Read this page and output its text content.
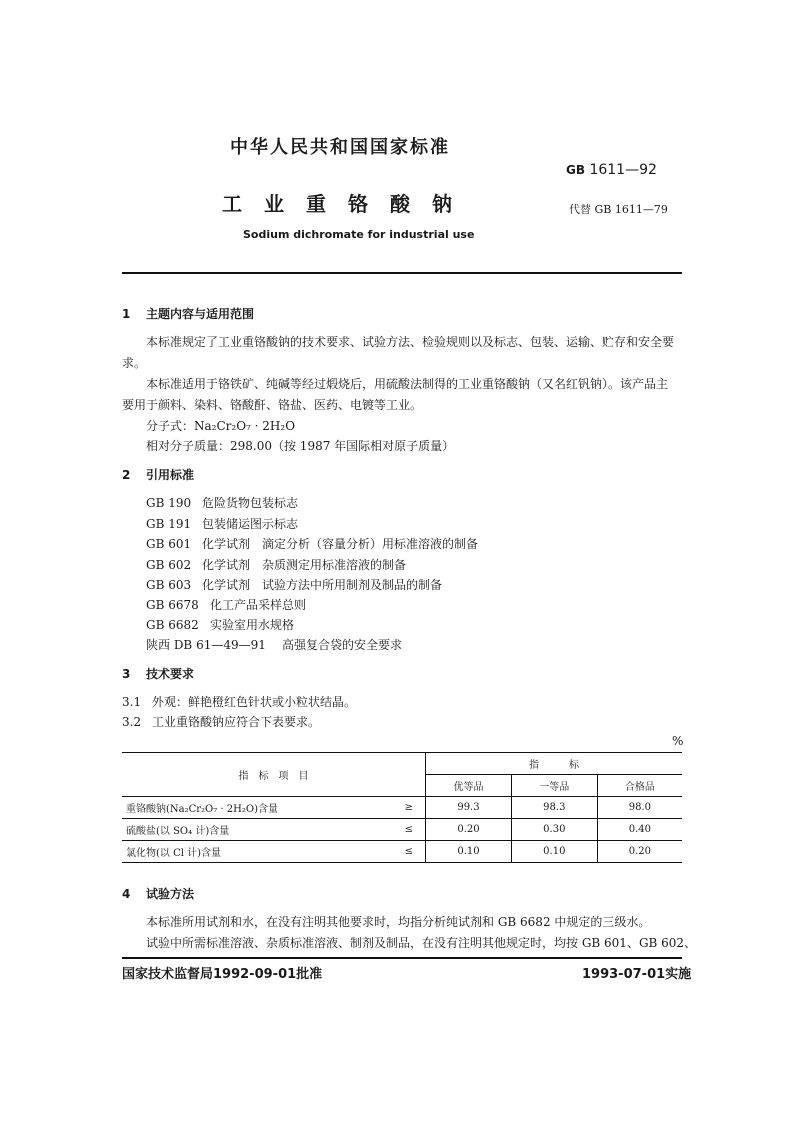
中华人民共和国国家标准
GB 1611—92
工业重铬酸钠	代替 GB 1611—79
Sodium dichromate for industrial use
1 主题内容与适用范围
本标准规定了工业重铬酸钠的技术要求、试验方法、检验规则以及标志、包装、运输、贮存和安全要
求。
本标准适用于铬铁矿、纯碱等经过煅烧后，用硫酸法制得的工业重铬酸钠（又名红钒钠）。该产品主
要用于颜料、染料、铬酸酐、铬盐、医药、电镀等工业。
分子式：Na₂Cr₂O₇ · 2H₂O
相对分子质量：298.00（按 1987 年国际相对原子质量）
2 引用标准
GB 190 危险货物包装标志
GB 191 包装储运图示标志
GB 601 化学试剂　滴定分析（容量分析）用标准溶液的制备
GB 602 化学试剂　杂质测定用标准溶液的制备
GB 603 化学试剂　试验方法中所用制剂及制品的制备
GB 6678 化工产品采样总则
GB 6682 实验室用水规格
陕西 DB 61—49—91 高强复合袋的安全要求
3 技术要求
3.1 外观：鲜艳橙红色针状或小粒状结晶。
3.2 工业重铬酸钠应符合下表要求。
%
指　标　项　目		指　　　标		
		优等品	一等品	合格品
重铬酸钠(Na₂Cr₂O₇ · 2H₂O)含量	≥	99.3	98.3	98.0
硫酸盐(以 SO₄ 计)含量	≤	0.20	0.30	0.40
氯化物(以 Cl 计)含量	≤	0.10	0.10	0.20
4 试验方法
本标准所用试剂和水，在没有注明其他要求时，均指分析纯试剂和 GB 6682 中规定的三级水。
试验中所需标准溶液、杂质标准溶液、制剂及制品，在没有注明其他规定时，均按 GB 601、GB 602、
国家技术监督局1992-09-01批准	1993-07-01实施
